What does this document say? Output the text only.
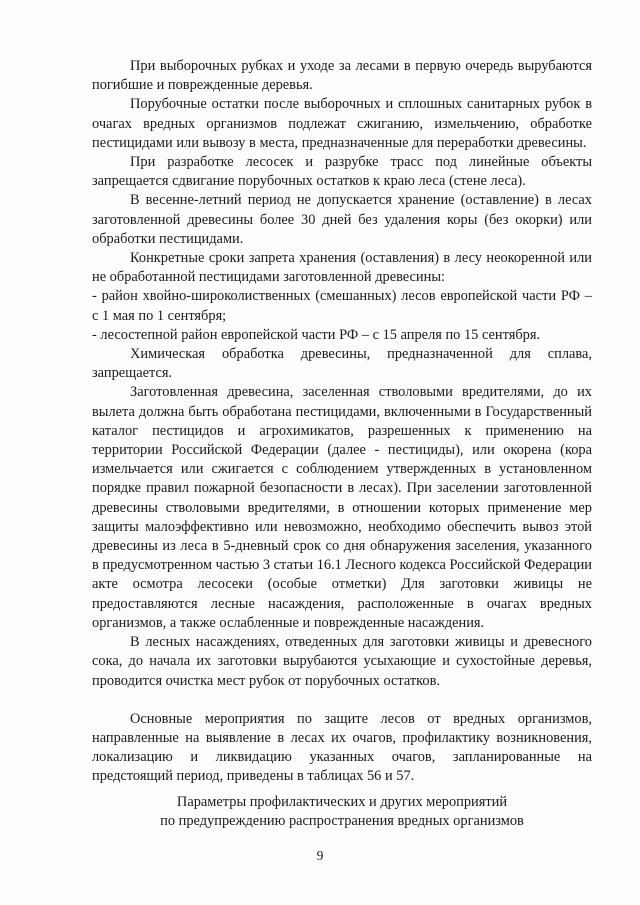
При выборочных рубках и уходе за лесами в первую очередь вырубаются погибшие и поврежденные деревья.

Порубочные остатки после выборочных и сплошных санитарных рубок в очагах вредных организмов подлежат сжиганию, измельчению, обработке пестицидами или вывозу в места, предназначенные для переработки древесины.

При разработке лесосек и разрубке трасс под линейные объекты запрещается сдвигание порубочных остатков к краю леса (стене леса).

В весенне-летний период не допускается хранение (оставление) в лесах заготовленной древесины более 30 дней без удаления коры (без окорки) или обработки пестицидами.

Конкретные сроки запрета хранения (оставления) в лесу неокоренной или не обработанной пестицидами заготовленной древесины:

- район хвойно-широколиственных (смешанных) лесов европейской части РФ – с 1 мая по 1 сентября;

- лесостепной район европейской части РФ – с 15 апреля по 15 сентября.

Химическая обработка древесины, предназначенной для сплава, запрещается.

Заготовленная древесина, заселенная стволовыми вредителями, до их вылета должна быть обработана пестицидами, включенными в Государственный каталог пестицидов и агрохимикатов, разрешенных к применению на территории Российской Федерации (далее - пестициды), или окорена (кора измельчается или сжигается с соблюдением утвержденных в установленном порядке правил пожарной безопасности в лесах). При заселении заготовленной древесины стволовыми вредителями, в отношении которых применение мер защиты малоэффективно или невозможно, необходимо обеспечить вывоз этой древесины из леса в 5-дневный срок со дня обнаружения заселения, указанного в предусмотренном частью 3 статьи 16.1 Лесного кодекса Российской Федерации акте осмотра лесосеки (особые отметки) Для заготовки живицы не предоставляются лесные насаждения, расположенные в очагах вредных организмов, а также ослабленные и поврежденные насаждения.

В лесных насаждениях, отведенных для заготовки живицы и древесного сока, до начала их заготовки вырубаются усыхающие и сухостойные деревья, проводится очистка мест рубок от порубочных остатков.

Основные мероприятия по защите лесов от вредных организмов, направленные на выявление в лесах их очагов, профилактику возникновения, локализацию и ликвидацию указанных очагов, запланированные на предстоящий период, приведены в таблицах 56 и 57.

Параметры профилактических и других мероприятий
по предупреждению распространения вредных организмов
9
